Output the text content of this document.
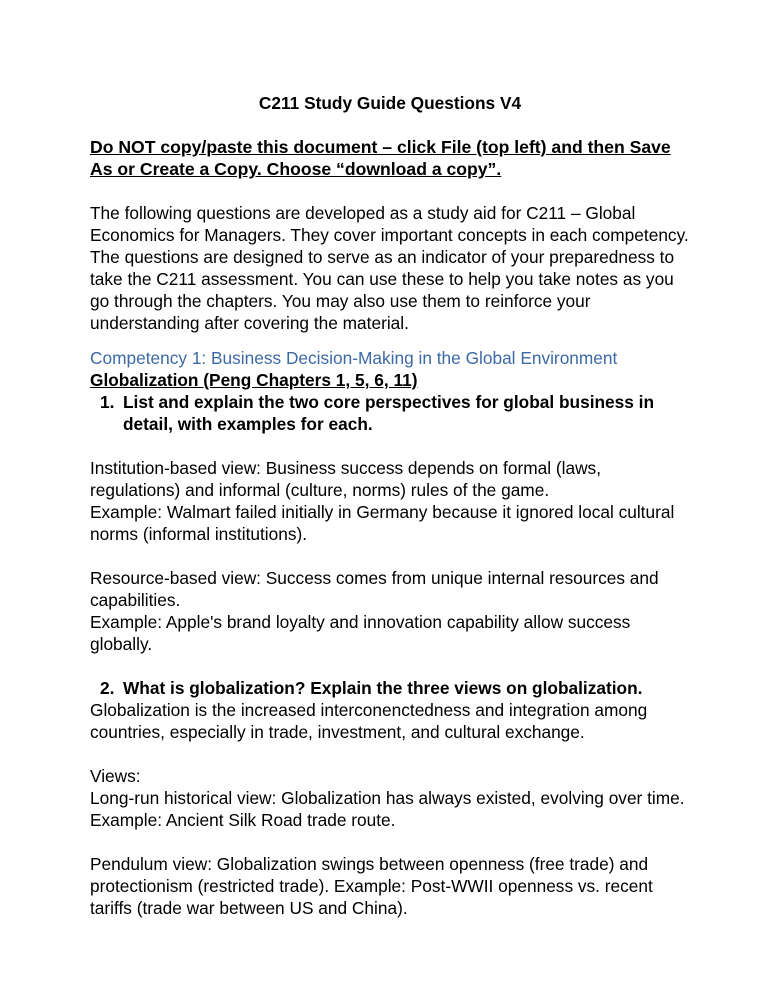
C211 Study Guide Questions V4

Do NOT copy/paste this document – click File (top left) and then Save As or Create a Copy. Choose “download a copy”.

The following questions are developed as a study aid for C211 – Global Economics for Managers. They cover important concepts in each competency. The questions are designed to serve as an indicator of your preparedness to take the C211 assessment. You can use these to help you take notes as you go through the chapters. You may also use them to reinforce your understanding after covering the material.

Competency 1: Business Decision-Making in the Global Environment

Globalization (Peng Chapters 1, 5, 6, 11)

1. List and explain the two core perspectives for global business in detail, with examples for each.

Institution-based view: Business success depends on formal (laws, regulations) and informal (culture, norms) rules of the game.

Example: Walmart failed initially in Germany because it ignored local cultural norms (informal institutions).

Resource-based view: Success comes from unique internal resources and capabilities.

Example: Apple's brand loyalty and innovation capability allow success globally.

2. What is globalization? Explain the three views on globalization.

Globalization is the increased interconenctedness and integration among countries, especially in trade, investment, and cultural exchange.

Views:

Long-run historical view: Globalization has always existed, evolving over time. Example: Ancient Silk Road trade route.

Pendulum view: Globalization swings between openness (free trade) and protectionism (restricted trade). Example: Post-WWII openness vs. recent tariffs (trade war between US and China).
